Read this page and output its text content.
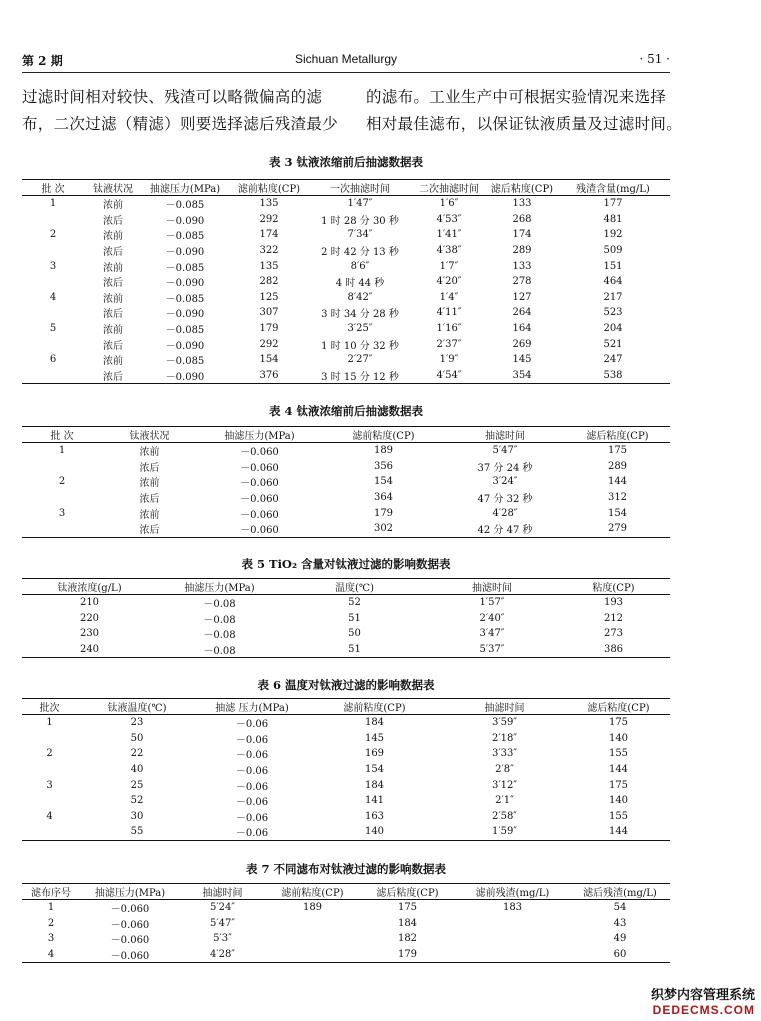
第 2 期	Sichuan Metallurgy	· 51 ·
过滤时间相对较快、残渣可以略微偏高的滤
布，二次过滤（精滤）则要选择滤后残渣最少
的滤布。工业生产中可根据实验情况来选择
相对最佳滤布，以保证钛液质量及过滤时间。
表 3 钛液浓缩前后抽滤数据表
批 次	钛液状况	抽滤压力(MPa)	滤前粘度(CP)	一次抽滤时间	二次抽滤时间	滤后粘度(CP)	残渣含量(mg/L)
1	浓前	－0.085	135	1′47″	1′6″	133	177
	浓后	－0.090	292	1 时 28 分 30 秒	4′53″	268	481
2	浓前	－0.085	174	7′34″	1′41″	174	192
	浓后	－0.090	322	2 时 42 分 13 秒	4′38″	289	509
3	浓前	－0.085	135	8′6″	1′7″	133	151
	浓后	－0.090	282	4 时 44 秒	4′20″	278	464
4	浓前	－0.085	125	8′42″	1′4″	127	217
	浓后	－0.090	307	3 时 34 分 28 秒	4′11″	264	523
5	浓前	－0.085	179	3′25″	1′16″	164	204
	浓后	－0.090	292	1 时 10 分 32 秒	2′37″	269	521
6	浓前	－0.085	154	2′27″	1′9″	145	247
	浓后	－0.090	376	3 时 15 分 12 秒	4′54″	354	538
表 4 钛液浓缩前后抽滤数据表
批 次	钛液状况	抽滤压力(MPa)	滤前粘度(CP)	抽滤时间	滤后粘度(CP)
1	浓前	－0.060	189	5′47″	175
	浓后	－0.060	356	37 分 24 秒	289
2	浓前	－0.060	154	3′24″	144
	浓后	－0.060	364	47 分 32 秒	312
3	浓前	－0.060	179	4′28″	154
	浓后	－0.060	302	42 分 47 秒	279
表 5 TiO₂ 含量对钛液过滤的影响数据表
钛液浓度(g/L)	抽滤压力(MPa)	温度(℃)	抽滤时间	粘度(CP)
210	－0.08	52	1′57″	193
220	－0.08	51	2′40″	212
230	－0.08	50	3′47″	273
240	－0.08	51	5′37″	386
表 6 温度对钛液过滤的影响数据表
批次	钛液温度(℃)	抽滤 压力(MPa)	滤前粘度(CP)	抽滤时间	滤后粘度(CP)
1	23	－0.06	184	3′59″	175
	50	－0.06	145	2′18″	140
2	22	－0.06	169	3′33″	155
	40	－0.06	154	2′8″	144
3	25	－0.06	184	3′12″	175
	52	－0.06	141	2′1″	140
4	30	－0.06	163	2′58″	155
	55	－0.06	140	1′59″	144
表 7 不同滤布对钛液过滤的影响数据表
滤布序号	抽滤压力(MPa)	抽滤时间	滤前粘度(CP)	滤后粘度(CP)	滤前残渣(mg/L)	滤后残渣(mg/L)
1	－0.060	5′24″	189	175	183	54
2	－0.060	5′47″		184		43
3	－0.060	5′3″		182		49
4	－0.060	4′28″		179		60
织梦内容管理系统
DEDECMS.COM
